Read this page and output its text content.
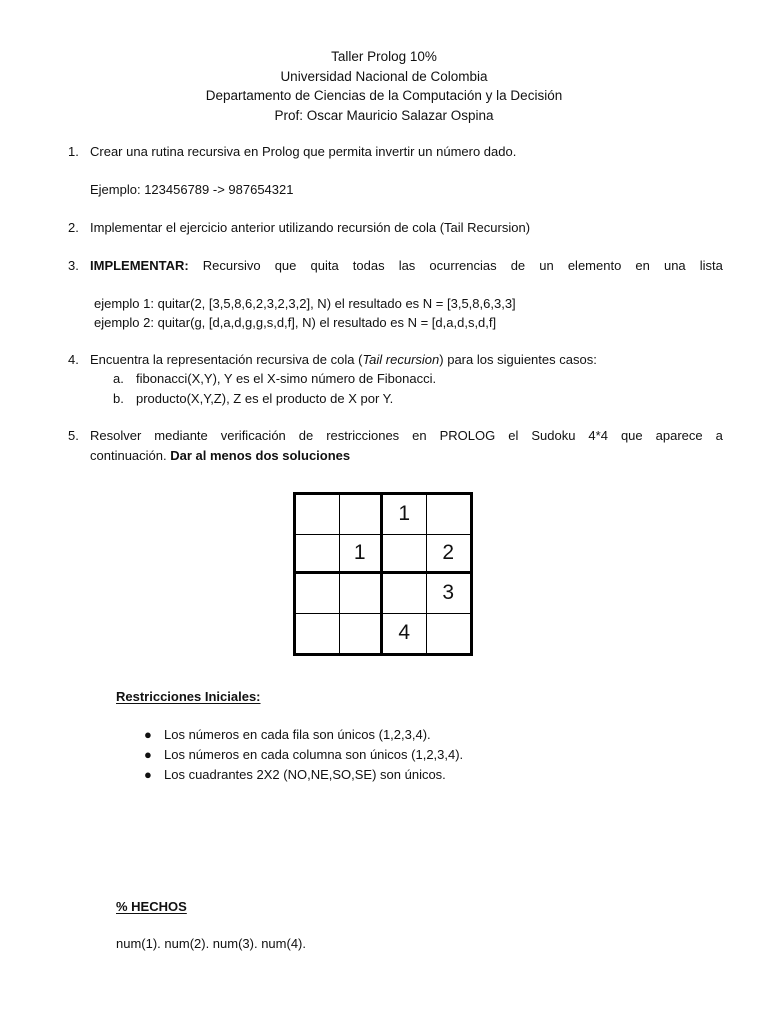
Taller Prolog 10%
Universidad Nacional de Colombia
Departamento de Ciencias de la Computación y la Decisión
Prof: Oscar Mauricio Salazar Ospina
1. Crear una rutina recursiva en Prolog que permita invertir un número dado.
Ejemplo: 123456789 -> 987654321
2. Implementar el ejercicio anterior utilizando recursión de cola (Tail Recursion)
3. IMPLEMENTAR: Recursivo que quita todas las ocurrencias de un elemento en una lista
ejemplo 1: quitar(2, [3,5,8,6,2,3,2,3,2], N) el resultado es N = [3,5,8,6,3,3]
ejemplo 2: quitar(g, [d,a,d,g,g,s,d,f], N) el resultado es N = [d,a,d,s,d,f]
4. Encuentra la representación recursiva de cola (Tail recursion) para los siguientes casos:
a. fibonacci(X,Y), Y es el X-simo número de Fibonacci.
b. producto(X,Y,Z), Z es el producto de X por Y.
5. Resolver mediante verificación de restricciones en PROLOG el Sudoku 4*4 que aparece a
continuación. Dar al menos dos soluciones
1
1	2
3
4
Restricciones Iniciales:
● Los números en cada fila son únicos (1,2,3,4).
● Los números en cada columna son únicos (1,2,3,4).
● Los cuadrantes 2X2 (NO,NE,SO,SE) son únicos.
% HECHOS
num(1). num(2). num(3). num(4).
